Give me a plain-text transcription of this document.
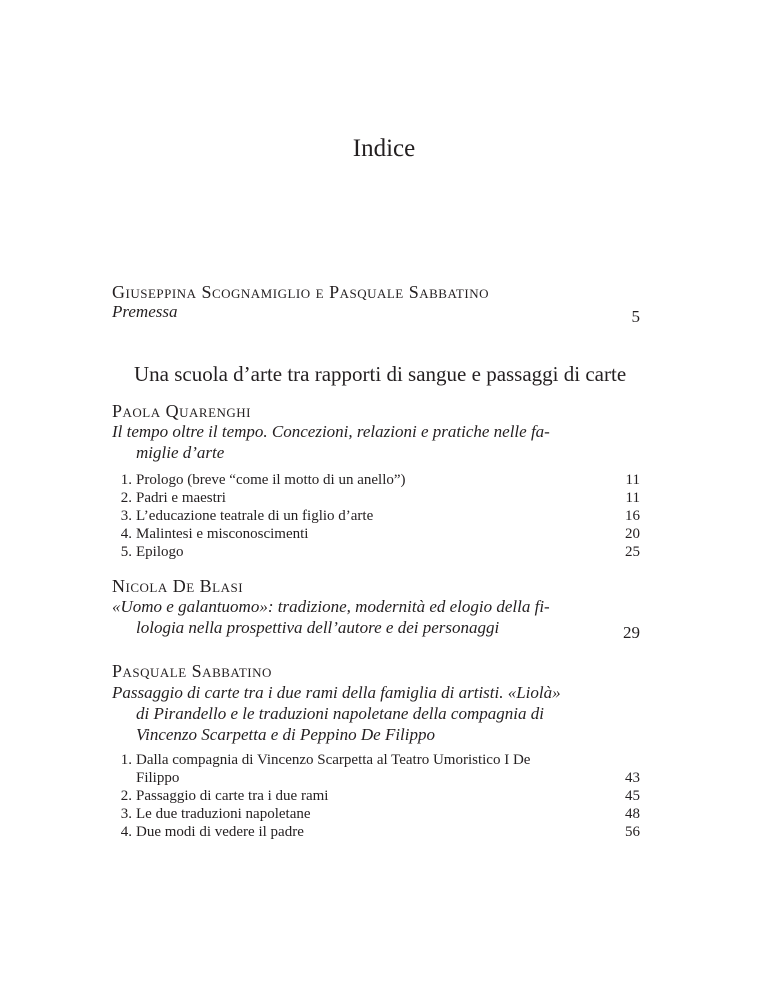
Indice
Giuseppina Scognamiglio e Pasquale Sabbatino
Premessa	5
Una scuola d’arte tra rapporti di sangue e passaggi di carte
Paola Quarenghi
Il tempo oltre il tempo. Concezioni, relazioni e pratiche nelle fa-
miglie d’arte
1. Prologo (breve “come il motto di un anello”)	11
2. Padri e maestri	11
3. L’educazione teatrale di un figlio d’arte	16
4. Malintesi e misconoscimenti	20
5. Epilogo	25
Nicola De Blasi
«Uomo e galantuomo»: tradizione, modernità ed elogio della fi-
lologia nella prospettiva dell’autore e dei personaggi	29
Pasquale Sabbatino
Passaggio di carte tra i due rami della famiglia di artisti. «Liolà»
di Pirandello e le traduzioni napoletane della compagnia di
Vincenzo Scarpetta e di Peppino De Filippo
1. Dalla compagnia di Vincenzo Scarpetta al Teatro Umoristico I De
Filippo	43
2. Passaggio di carte tra i due rami	45
3. Le due traduzioni napoletane	48
4. Due modi di vedere il padre	56
